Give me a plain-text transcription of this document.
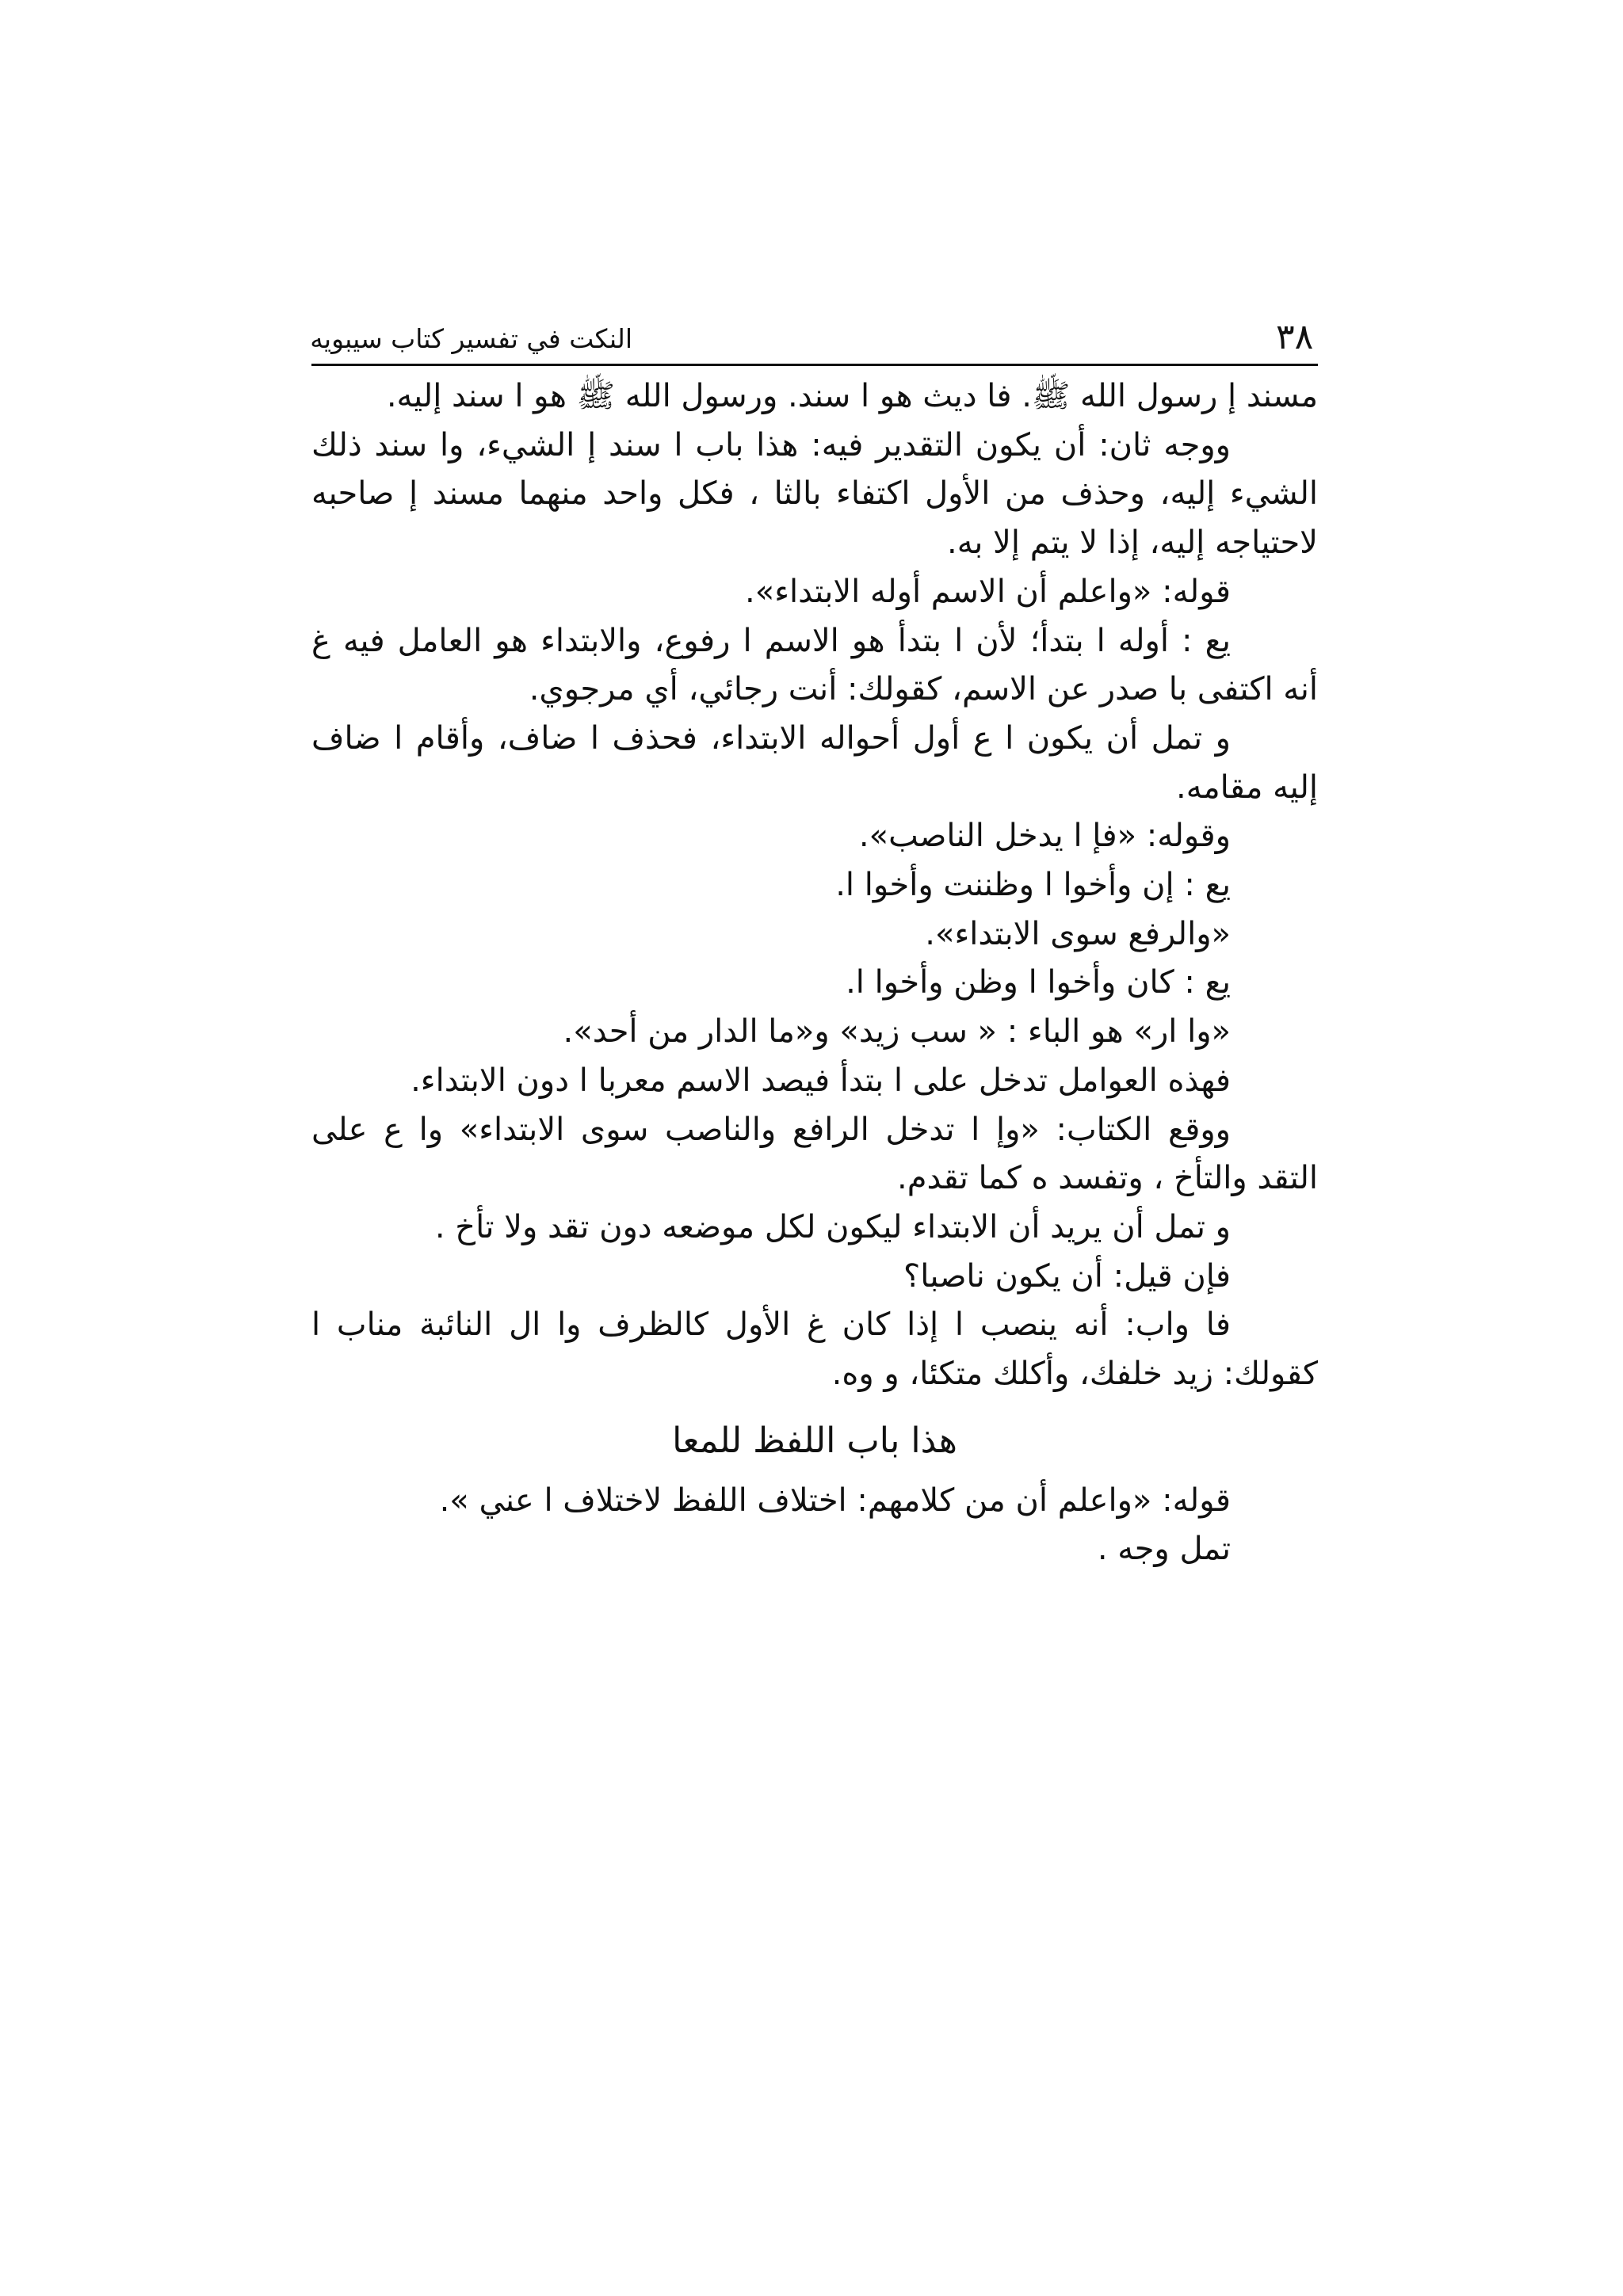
٣٨
النكت في تفسير كتاب سيبويه

مسند إ رسول الله ﷺ. فا ديث هو ا سند. ورسول الله ﷺ هو ا سند إليه.

ووجه ثان: أن يكون التقدير فيه: هذا باب ا سند إ الشيء، وا سند ذلك الشيء إليه، وحذف من الأول اكتفاء بالثا ، فكل واحد منهما مسند إ صاحبه لاحتياجه إليه، إذا لا يتم إلا به.

قوله: «واعلم أن الاسم أوله الابتداء».

يع : أوله ا بتدأ؛ لأن ا بتدأ هو الاسم ا رفوع، والابتداء هو العامل فيه غ أنه اكتفى با صدر عن الاسم، كقولك: أنت رجائي، أي مرجوي.

و تمل أن يكون ا ع أول أحواله الابتداء، فحذف ا ضاف، وأقام ا ضاف إليه مقامه.

وقوله: «فإ ا يدخل الناصب».

يع : إن وأخوا ا وظننت وأخوا ا.

«والرفع سوى الابتداء».

يع : كان وأخوا ا وظن وأخوا ا.

«وا ار» هو الباء : « سب زيد» و«ما الدار من أحد».

فهذه العوامل تدخل على ا بتدأ فيصد الاسم معربا ا دون الابتداء.

ووقع الكتاب: «وإ ا تدخل الرافع والناصب سوى الابتداء» وا ع على التقد والتأخ ، وتفسد ه كما تقدم.

و تمل أن يريد أن الابتداء ليكون لكل موضعه دون تقد ولا تأخ .

فإن قيل: أن يكون ناصبا؟

فا واب: أنه ينصب ا إذا كان غ الأول كالظرف وا ال النائبة مناب ا كقولك: زيد خلفك، وأكلك متكئا، و وه.

هذا باب اللفظ للمعا

قوله: «واعلم أن من كلامهم: اختلاف اللفظ لاختلاف ا عني ».

تمل وجه .
